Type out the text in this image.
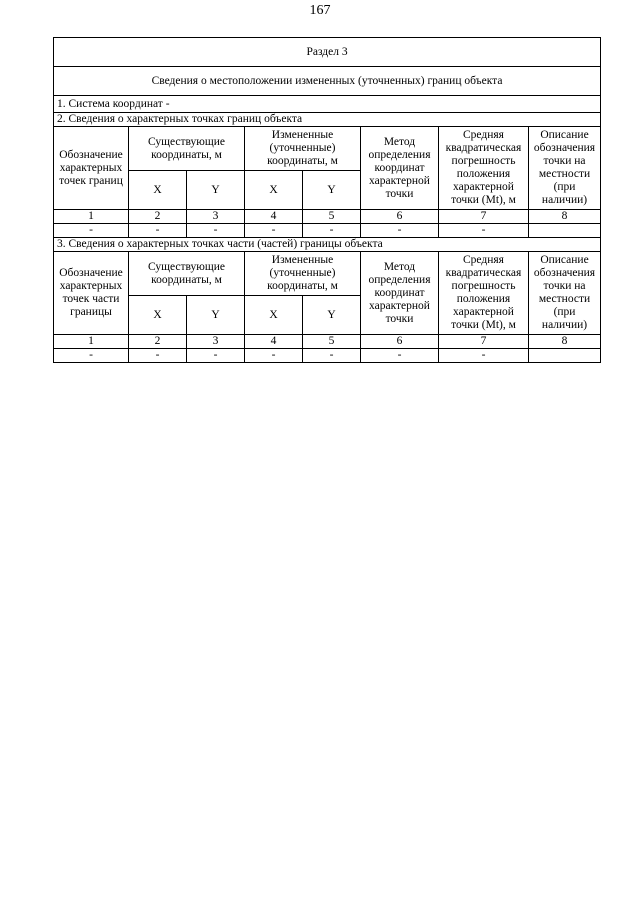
167
Раздел 3							
Сведения о местоположении измененных (уточненных) границ объекта							
1. Система координат -							
2. Сведения о характерных точках границ объекта							
Обозначение характерных точек границ	Существующие координаты, м		Измененные (уточненные) координаты, м		Метод определения координат характерной точки	Средняя квадратическая погрешность положения характерной точки (Mt), м	Описание обозначения точки на местности (при наличии)
	X	Y	X	Y			
1	2	3	4	5	6	7	8
-	-	-	-	-	-	-	
3. Сведения о характерных точках части (частей) границы объекта							
Обозначение характерных точек части границы	Существующие координаты, м		Измененные (уточненные) координаты, м		Метод определения координат характерной точки	Средняя квадратическая погрешность положения характерной точки (Mt), м	Описание обозначения точки на местности (при наличии)
	X	Y	X	Y			
1	2	3	4	5	6	7	8
-	-	-	-	-	-	-	
